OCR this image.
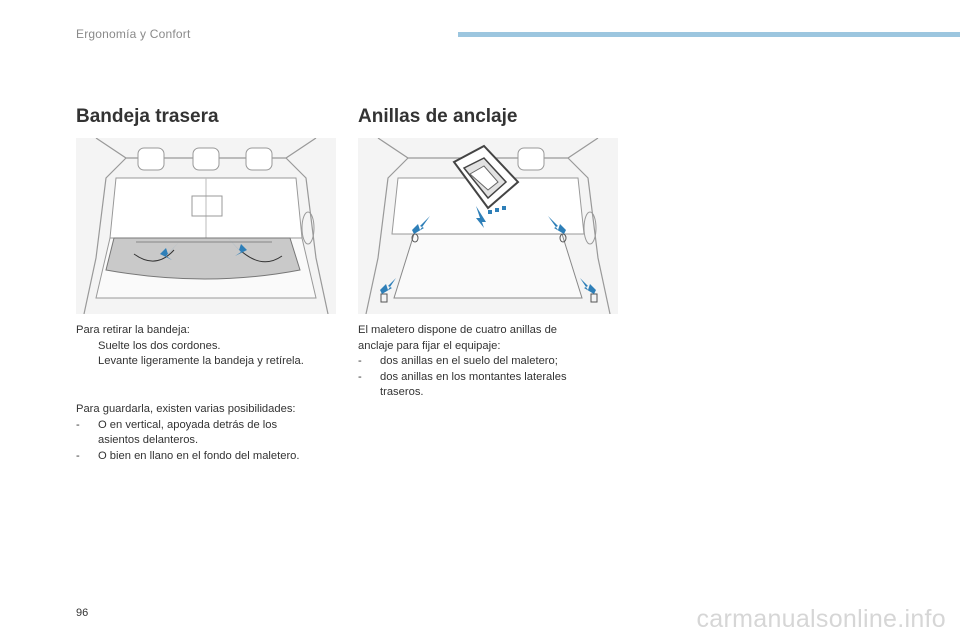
Ergonomía y Confort
Bandeja trasera
Para retirar la bandeja:
Suelte los dos cordones.
Levante ligeramente la bandeja y retírela.
Para guardarla, existen varias posibilidades:
- O en vertical, apoyada detrás de los
asientos delanteros.
- O bien en llano en el fondo del maletero.
Anillas de anclaje
El maletero dispone de cuatro anillas de
anclaje para fijar el equipaje:
- dos anillas en el suelo del maletero;
- dos anillas en los montantes laterales
traseros.
96	carmanualsonline.info
